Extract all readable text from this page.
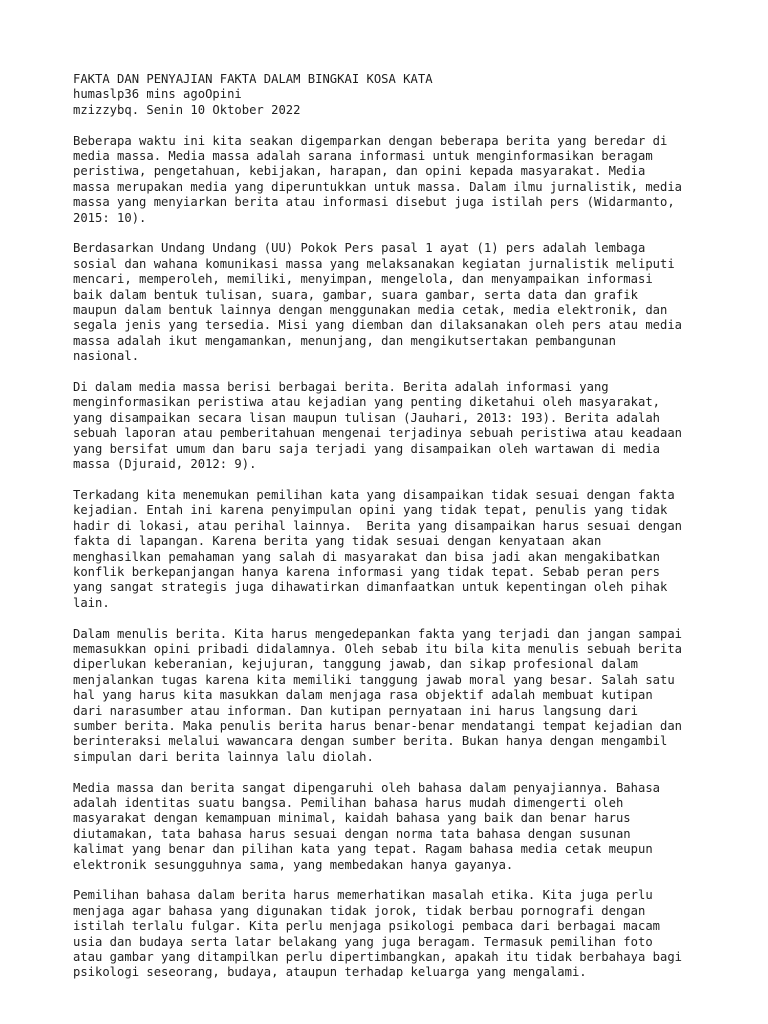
FAKTA DAN PENYAJIAN FAKTA DALAM BINGKAI KOSA KATA
humaslp36 mins agoOpini
mzizzybq. Senin 10 Oktober 2022
Beberapa waktu ini kita seakan digemparkan dengan beberapa berita yang beredar di
media massa. Media massa adalah sarana informasi untuk menginformasikan beragam
peristiwa, pengetahuan, kebijakan, harapan, dan opini kepada masyarakat. Media
massa merupakan media yang diperuntukkan untuk massa. Dalam ilmu jurnalistik, media
massa yang menyiarkan berita atau informasi disebut juga istilah pers (Widarmanto,
2015: 10).
Berdasarkan Undang Undang (UU) Pokok Pers pasal 1 ayat (1) pers adalah lembaga
sosial dan wahana komunikasi massa yang melaksanakan kegiatan jurnalistik meliputi
mencari, memperoleh, memiliki, menyimpan, mengelola, dan menyampaikan informasi
baik dalam bentuk tulisan, suara, gambar, suara gambar, serta data dan grafik
maupun dalam bentuk lainnya dengan menggunakan media cetak, media elektronik, dan
segala jenis yang tersedia. Misi yang diemban dan dilaksanakan oleh pers atau media
massa adalah ikut mengamankan, menunjang, dan mengikutsertakan pembangunan
nasional.
Di dalam media massa berisi berbagai berita. Berita adalah informasi yang
menginformasikan peristiwa atau kejadian yang penting diketahui oleh masyarakat,
yang disampaikan secara lisan maupun tulisan (Jauhari, 2013: 193). Berita adalah
sebuah laporan atau pemberitahuan mengenai terjadinya sebuah peristiwa atau keadaan
yang bersifat umum dan baru saja terjadi yang disampaikan oleh wartawan di media
massa (Djuraid, 2012: 9).
Terkadang kita menemukan pemilihan kata yang disampaikan tidak sesuai dengan fakta
kejadian. Entah ini karena penyimpulan opini yang tidak tepat, penulis yang tidak
hadir di lokasi, atau perihal lainnya.  Berita yang disampaikan harus sesuai dengan
fakta di lapangan. Karena berita yang tidak sesuai dengan kenyataan akan
menghasilkan pemahaman yang salah di masyarakat dan bisa jadi akan mengakibatkan
konflik berkepanjangan hanya karena informasi yang tidak tepat. Sebab peran pers
yang sangat strategis juga dihawatirkan dimanfaatkan untuk kepentingan oleh pihak
lain.
Dalam menulis berita. Kita harus mengedepankan fakta yang terjadi dan jangan sampai
memasukkan opini pribadi didalamnya. Oleh sebab itu bila kita menulis sebuah berita
diperlukan keberanian, kejujuran, tanggung jawab, dan sikap profesional dalam
menjalankan tugas karena kita memiliki tanggung jawab moral yang besar. Salah satu
hal yang harus kita masukkan dalam menjaga rasa objektif adalah membuat kutipan
dari narasumber atau informan. Dan kutipan pernyataan ini harus langsung dari
sumber berita. Maka penulis berita harus benar-benar mendatangi tempat kejadian dan
berinteraksi melalui wawancara dengan sumber berita. Bukan hanya dengan mengambil
simpulan dari berita lainnya lalu diolah.
Media massa dan berita sangat dipengaruhi oleh bahasa dalam penyajiannya. Bahasa
adalah identitas suatu bangsa. Pemilihan bahasa harus mudah dimengerti oleh
masyarakat dengan kemampuan minimal, kaidah bahasa yang baik dan benar harus
diutamakan, tata bahasa harus sesuai dengan norma tata bahasa dengan susunan
kalimat yang benar dan pilihan kata yang tepat. Ragam bahasa media cetak meupun
elektronik sesungguhnya sama, yang membedakan hanya gayanya.
Pemilihan bahasa dalam berita harus memerhatikan masalah etika. Kita juga perlu
menjaga agar bahasa yang digunakan tidak jorok, tidak berbau pornografi dengan
istilah terlalu fulgar. Kita perlu menjaga psikologi pembaca dari berbagai macam
usia dan budaya serta latar belakang yang juga beragam. Termasuk pemilihan foto
atau gambar yang ditampilkan perlu dipertimbangkan, apakah itu tidak berbahaya bagi
psikologi seseorang, budaya, ataupun terhadap keluarga yang mengalami.
